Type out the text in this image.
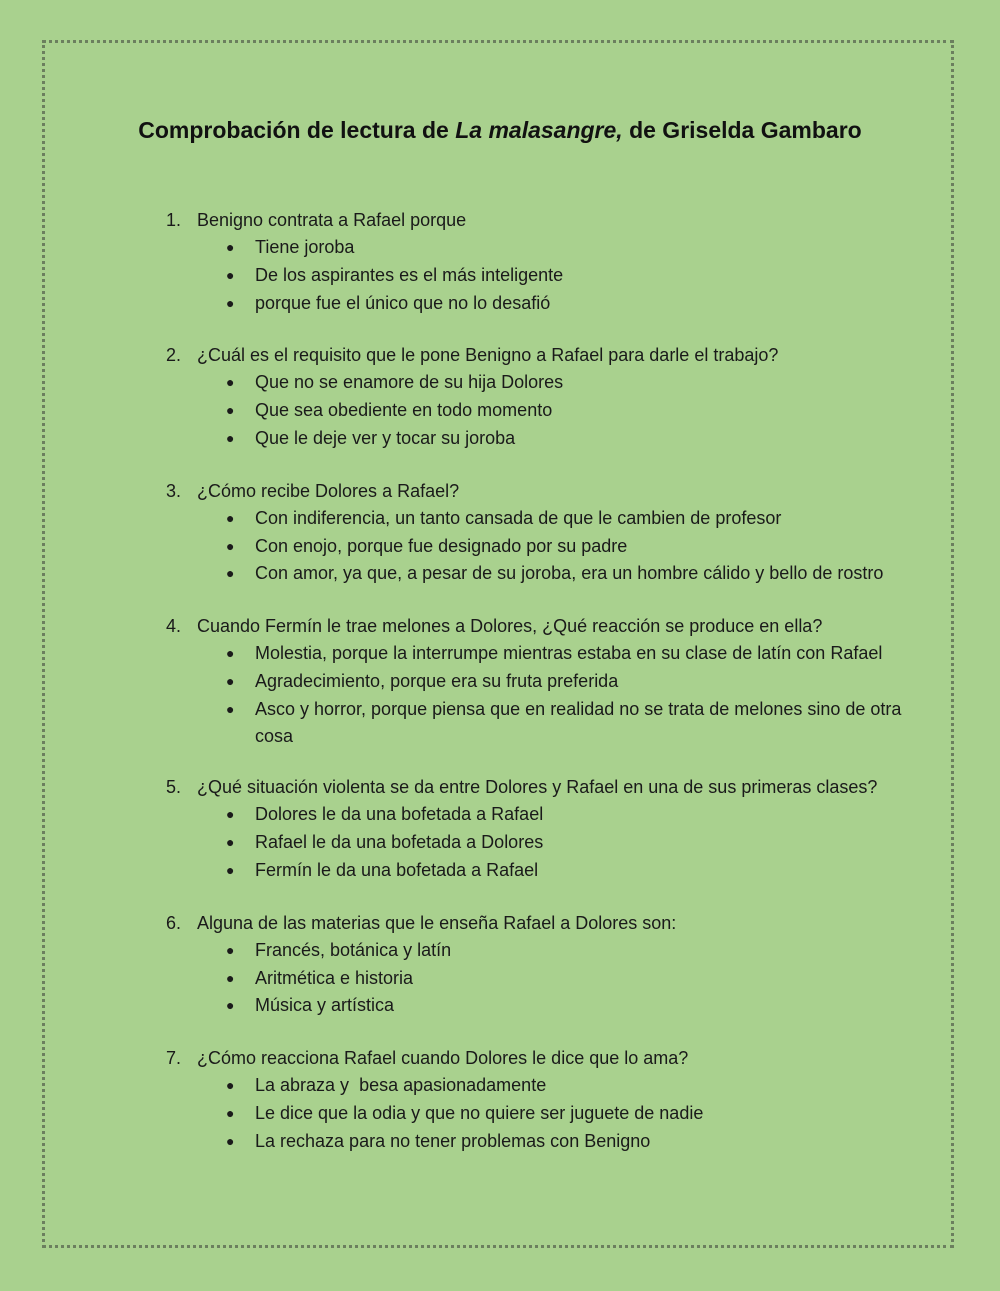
Comprobación de lectura de La malasangre, de Griselda Gambaro
1. Benigno contrata a Rafael porque
●	Tiene joroba
●	De los aspirantes es el más inteligente
●	porque fue el único que no lo desafió
2. ¿Cuál es el requisito que le pone Benigno a Rafael para darle el trabajo?
●	Que no se enamore de su hija Dolores
●	Que sea obediente en todo momento
●	Que le deje ver y tocar su joroba
3. ¿Cómo recibe Dolores a Rafael?
●	Con indiferencia, un tanto cansada de que le cambien de profesor
●	Con enojo, porque fue designado por su padre
●	Con amor, ya que, a pesar de su joroba, era un hombre cálido y bello de rostro
4. Cuando Fermín le trae melones a Dolores, ¿Qué reacción se produce en ella?
●	Molestia, porque la interrumpe mientras estaba en su clase de latín con Rafael
●	Agradecimiento, porque era su fruta preferida
●	Asco y horror, porque piensa que en realidad no se trata de melones sino de otra cosa
5. ¿Qué situación violenta se da entre Dolores y Rafael en una de sus primeras clases?
●	Dolores le da una bofetada a Rafael
●	Rafael le da una bofetada a Dolores
●	Fermín le da una bofetada a Rafael
6. Alguna de las materias que le enseña Rafael a Dolores son:
●	Francés, botánica y latín
●	Aritmética e historia
●	Música y artística
7. ¿Cómo reacciona Rafael cuando Dolores le dice que lo ama?
●	La abraza y  besa apasionadamente
●	Le dice que la odia y que no quiere ser juguete de nadie
●	La rechaza para no tener problemas con Benigno
